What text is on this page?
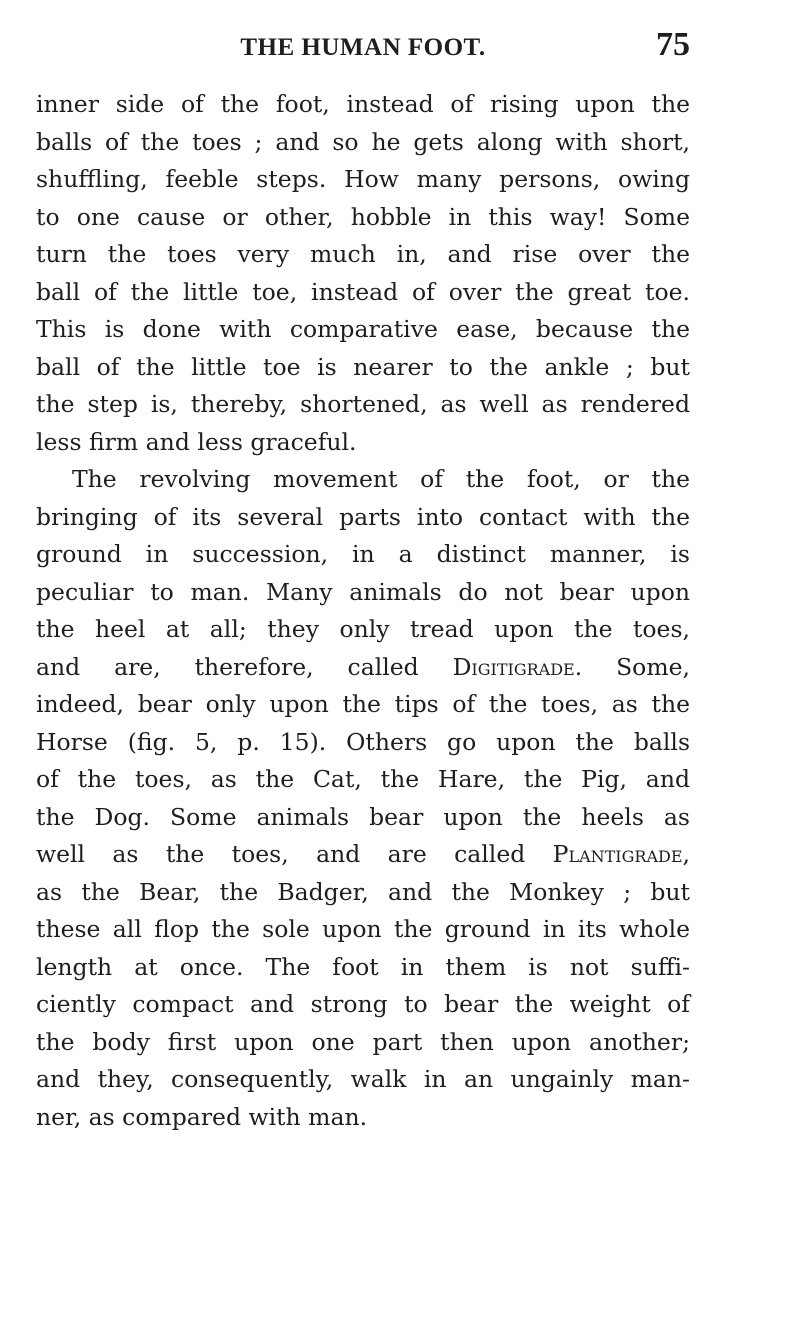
THE HUMAN FOOT.	75
inner side of the foot, instead of rising upon the
balls of the toes ; and so he gets along with short,
shuffling, feeble steps. How many persons, owing
to one cause or other, hobble in this way! Some
turn the toes very much in, and rise over the
ball of the little toe, instead of over the great toe.
This is done with comparative ease, because the
ball of the little toe is nearer to the ankle ; but
the step is, thereby, shortened, as well as rendered
less firm and less graceful.
The revolving movement of the foot, or the
bringing of its several parts into contact with the
ground in succession, in a distinct manner, is
peculiar to man. Many animals do not bear upon
the heel at all; they only tread upon the toes,
and are, therefore, called Digitigrade. Some,
indeed, bear only upon the tips of the toes, as the
Horse (fig. 5, p. 15). Others go upon the balls
of the toes, as the Cat, the Hare, the Pig, and
the Dog. Some animals bear upon the heels as
well as the toes, and are called Plantigrade,
as the Bear, the Badger, and the Monkey ; but
these all flop the sole upon the ground in its whole
length at once. The foot in them is not suffi-
ciently compact and strong to bear the weight of
the body first upon one part then upon another;
and they, consequently, walk in an ungainly man-
ner, as compared with man.
